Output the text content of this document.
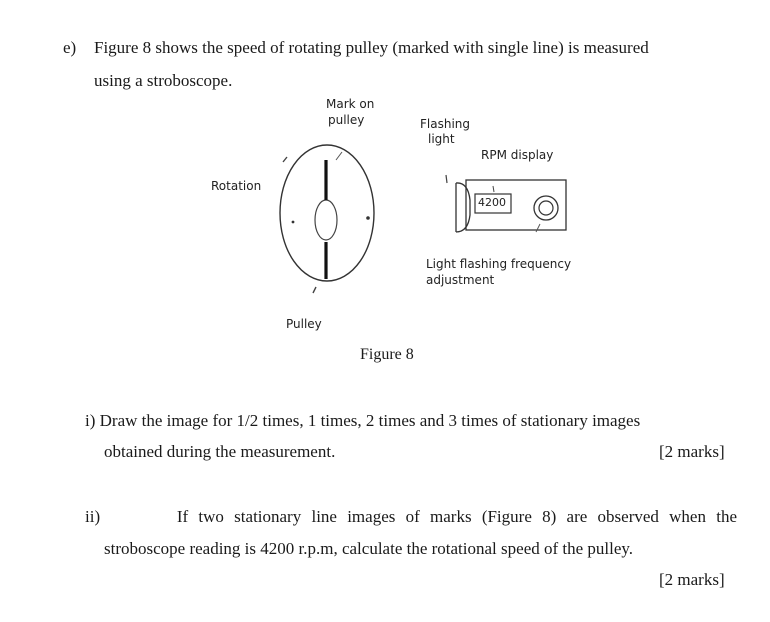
e) Figure 8 shows the speed of rotating pulley (marked with single line) is measured
using a stroboscope.
Mark on
pulley	Flashing
light
RPM display
Rotation
4200
Light flashing frequency
adjustment
Pulley
Figure 8
i) Draw the image for 1/2 times, 1 times, 2 times and 3 times of stationary images
obtained during the measurement.	[2 marks]
ii)	If two stationary line images of marks (Figure 8) are observed when the
stroboscope reading is 4200 r.p.m, calculate the rotational speed of the pulley.
[2 marks]
